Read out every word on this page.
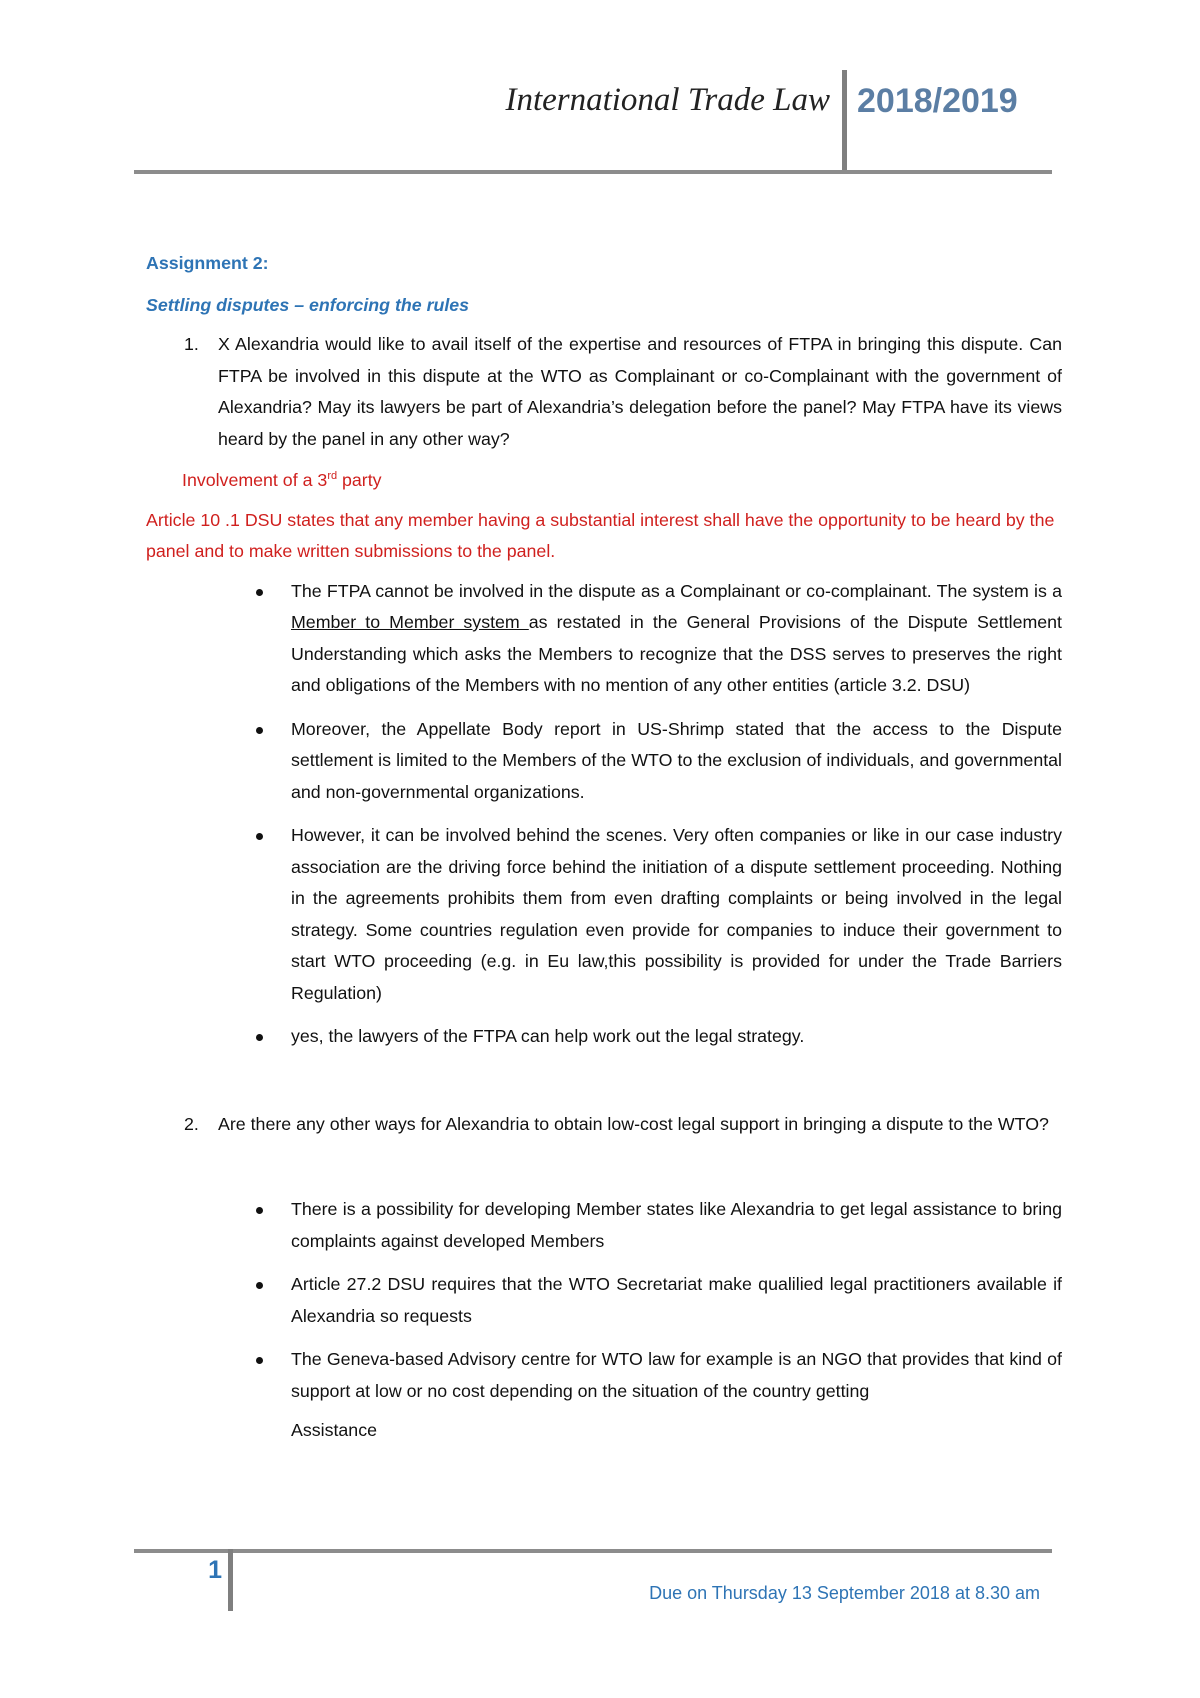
International Trade Law 2018/2019

Assignment 2:

Settling disputes – enforcing the rules

1. X Alexandria would like to avail itself of the expertise and resources of FTPA in bringing this dispute. Can FTPA be involved in this dispute at the WTO as Complainant or co-Complainant with the government of Alexandria? May its lawyers be part of Alexandria’s delegation before the panel? May FTPA have its views heard by the panel in any other way?

Involvement of a 3rd party

Article 10 .1 DSU states that any member having a substantial interest shall have the opportunity to be heard by the panel and to make written submissions to the panel.

The FTPA cannot be involved in the dispute as a Complainant or co-complainant. The system is a Member to Member system as restated in the General Provisions of the Dispute Settlement Understanding which asks the Members to recognize that the DSS serves to preserves the right and obligations of the Members with no mention of any other entities (article 3.2. DSU)
Moreover, the Appellate Body report in US-Shrimp stated that the access to the Dispute settlement is limited to the Members of the WTO to the exclusion of individuals, and governmental and non-governmental organizations.
However, it can be involved behind the scenes. Very often companies or like in our case industry association are the driving force behind the initiation of a dispute settlement proceeding. Nothing in the agreements prohibits them from even drafting complaints or being involved in the legal strategy. Some countries regulation even provide for companies to induce their government to start WTO proceeding (e.g. in Eu law,this possibility is provided for under the Trade Barriers Regulation)
yes, the lawyers of the FTPA can help work out the legal strategy.
2. Are there any other ways for Alexandria to obtain low-cost legal support in bringing a dispute to the WTO?
There is a possibility for developing Member states like Alexandria to get legal assistance to bring complaints against developed Members
Article 27.2 DSU requires that the WTO Secretariat make qualilied legal practitioners available if Alexandria so requests
The Geneva-based Advisory centre for WTO law for example is an NGO that provides that kind of support at low or no cost depending on the situation of the country getting
Assistance
1
Due on Thursday 13 September 2018 at 8.30 am
